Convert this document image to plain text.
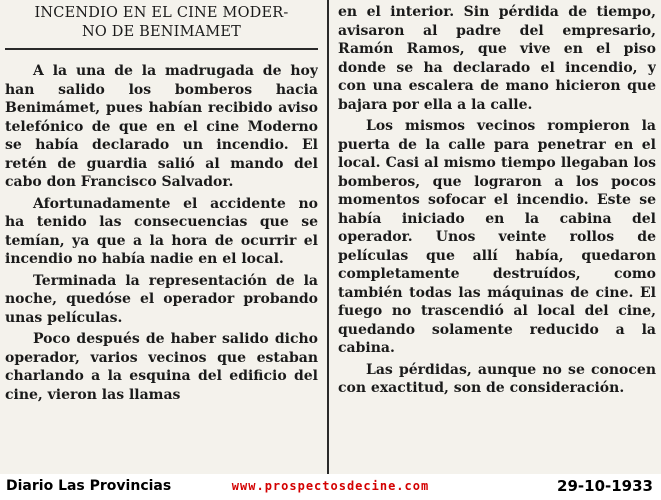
INCENDIO EN EL CINE MODER-
NO DE BENIMAMET

A la una de la madrugada de hoy han salido los bomberos hacia Benimámet, pues habían recibido aviso telefónico de que en el cine Moderno se había declarado un incendio. El retén de guardia salió al mando del cabo don Francisco Salvador.

Afortunadamente el accidente no ha tenido las consecuencias que se temían, ya que a la hora de ocurrir el incendio no había nadie en el local.

Terminada la representación de la noche, quedóse el operador probando unas películas.

Poco después de haber salido dicho operador, varios vecinos que estaban charlando a la esquina del edificio del cine, vieron las llamas

en el interior. Sin pérdida de tiempo, avisaron al padre del empresario, Ramón Ramos, que vive en el piso donde se ha declarado el incendio, y con una escalera de mano hicieron que bajara por ella a la calle.

Los mismos vecinos rompieron la puerta de la calle para penetrar en el local. Casi al mismo tiempo llegaban los bomberos, que lograron a los pocos momentos sofocar el incendio. Este se había iniciado en la cabina del operador. Unos veinte rollos de películas que allí había, quedaron completamente destruídos, como también todas las máquinas de cine. El fuego no trascendió al local del cine, quedando solamente reducido a la cabina.

Las pérdidas, aunque no se conocen con exactitud, son de consideración.

Diario Las Provincias	www.prospectosdecine.com	29-10-1933
